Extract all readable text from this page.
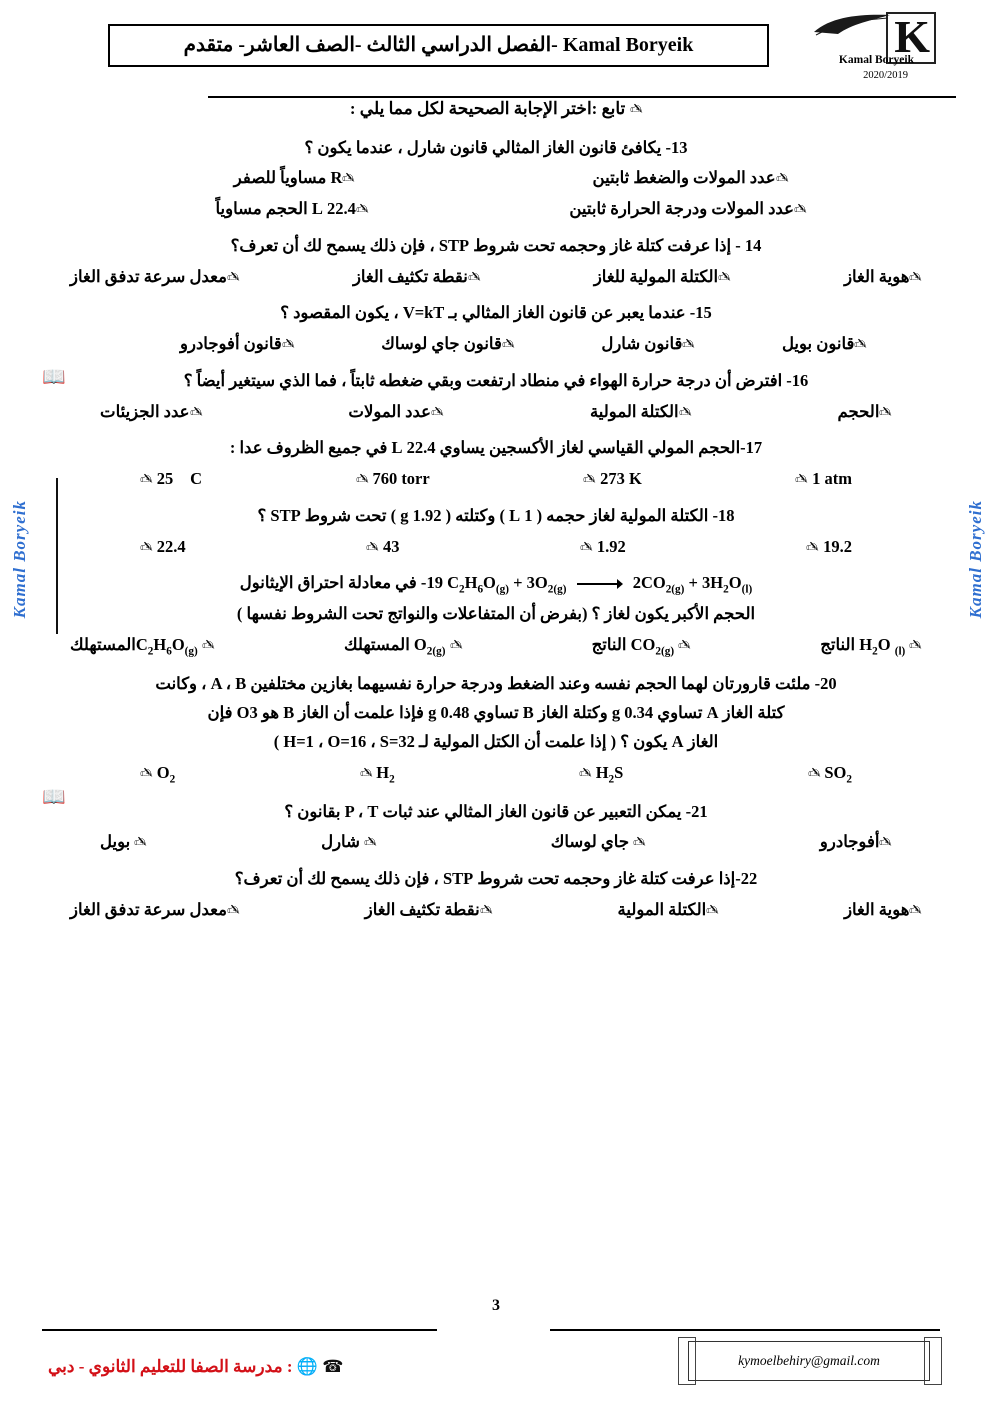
K
Kamal Boryeik
2020/2019
Kamal Boryeik -الفصل الدراسي الثالث -الصف العاشر- متقدم
Kamal Boryeik
Kamal Boryeik

✍ تابع :اختر الإجابة الصحيحة لكل مما يلي :

13- يكافئ قانون الغاز المثالي قانون شارل ، عندما يكون ؟

✍عدد المولات والضغط ثابتين
✍R مساوياً للصفر
✍عدد المولات ودرجة الحرارة ثابتين
✍22.4 L الحجم مساوياً

14 - إذا عرفت كتلة غاز وحجمه تحت شروط STP ، فإن ذلك يسمح لك أن تعرف؟

✍هوية الغاز
✍الكتلة المولية للغاز
✍نقطة تكثيف الغاز
✍معدل سرعة تدفق الغاز

15- عندما يعبر عن قانون الغاز المثالي بـ V=kT ، يكون المقصود ؟

✍قانون بويل
✍قانون شارل
✍قانون جاي لوساك
✍قانون أفوجادرو

16- افترض أن درجة حرارة الهواء في منطاد ارتفعت وبقي ضغطه ثابتاً ، فما الذي سيتغير أيضاً ؟

✍الحجم
✍الكتلة المولية
✍عدد المولات
✍عدد الجزيئات

17-الحجم المولي القياسي لغاز الأكسجين يساوي 22.4 L في جميع الظروف عدا :

1 atm ✍
273 K ✍
760 torr ✍
25 ْC ✍

18- الكتلة المولية لغاز حجمه ( 1 L ) وكتلته ( 1.92 g ) تحت شروط STP ؟

19.2 ✍
1.92 ✍
43 ✍
22.4 ✍

$C_2H_6O_{(g)} + 3O_{2(g)} \to 2CO_{2(g)} + 3H_2O_{(l)}$ 19- في معادلة احتراق الإيثانول

الحجم الأكبر يكون لغاز ؟ (بفرض أن المتفاعلات والنواتج تحت الشروط نفسها )

✍ $H_2O$ $_{(l)}$ الناتج
✍ $CO_{2(g)}$ الناتج
✍ $O_{2(g)}$ المستهلك
✍ $C_2H_6O_{(g)}المستهلك$

20- ملئت قارورتان لهما الحجم نفسه وعند الضغط ودرجة حرارة نفسيهما بغازين مختلفين A ، B ، وكانت

كتلة الغاز A تساوي 0.34 g وكتلة الغاز B تساوي 0.48 g فإذا علمت أن الغاز B هو O3 فإن

الغاز A يكون ؟ ( إذا علمت أن الكتل المولية لـ H=1 ، O=16 ، S=32 )

$SO_2$ ✍
$H_2S$ ✍
$H_2$ ✍
$O_2$ ✍

21- يمكن التعبير عن قانون الغاز المثالي عند ثبات P ، T بقانون ؟

✍أفوجادرو
✍ جاي لوساك
✍ شارل
✍ بويل

22-إذا عرفت كتلة غاز وحجمه تحت شروط STP ، فإن ذلك يسمح لك أن تعرف؟

✍هوية الغاز
✍الكتلة المولية
✍نقطة تكثيف الغاز
✍معدل سرعة تدفق الغاز
📖
📖
3
kymoelbehiry@gmail.com
☎ 🌐 : مدرسة الصفا للتعليم الثانوي - دبي
